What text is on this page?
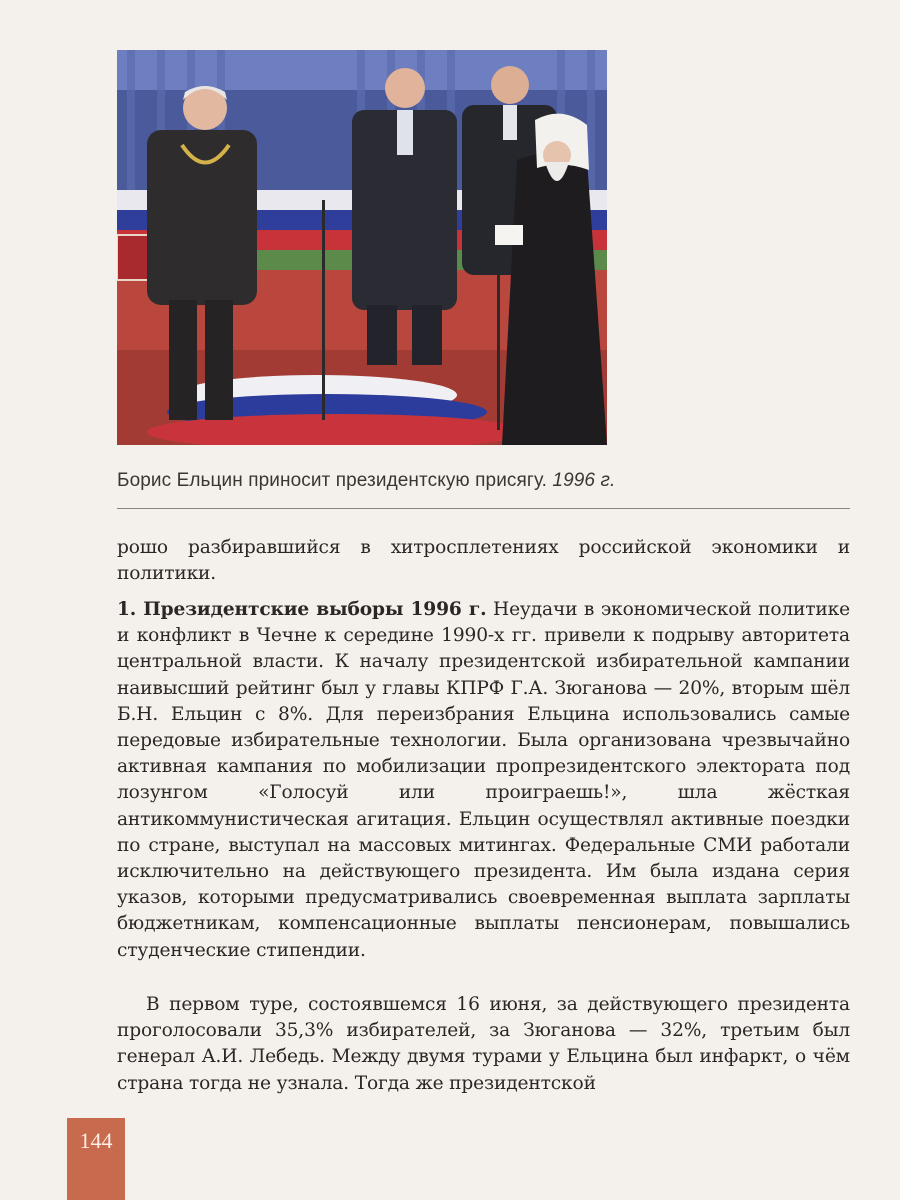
Борис Ельцин приносит президентскую присягу. 1996 г.

рошо разбиравшийся в хитросплетениях российской экономики и политики.

1. Президентские выборы 1996 г. Неудачи в экономической политике и конфликт в Чечне к середине 1990-х гг. привели к подрыву авторитета центральной власти. К началу президентской избирательной кампании наивысший рейтинг был у главы КПРФ Г.А. Зюганова — 20%, вторым шёл Б.Н. Ельцин с 8%. Для переизбрания Ельцина использовались самые передовые избирательные технологии. Была организована чрезвычайно активная кампания по мобилизации пропрезидентского электората под лозунгом «Голосуй или проиграешь!», шла жёсткая антикоммунистическая агитация. Ельцин осуществлял активные поездки по стране, выступал на массовых митингах. Федеральные СМИ работали исключительно на действующего президента. Им была издана серия указов, которыми предусматривались своевременная выплата зарплаты бюджетникам, компенсационные выплаты пенсионерам, повышались студенческие стипендии.

В первом туре, состоявшемся 16 июня, за действующего президента проголосовали 35,3% избирателей, за Зюганова — 32%, третьим был генерал А.И. Лебедь. Между двумя турами у Ельцина был инфаркт, о чём страна тогда не узнала. Тогда же президентской

144
